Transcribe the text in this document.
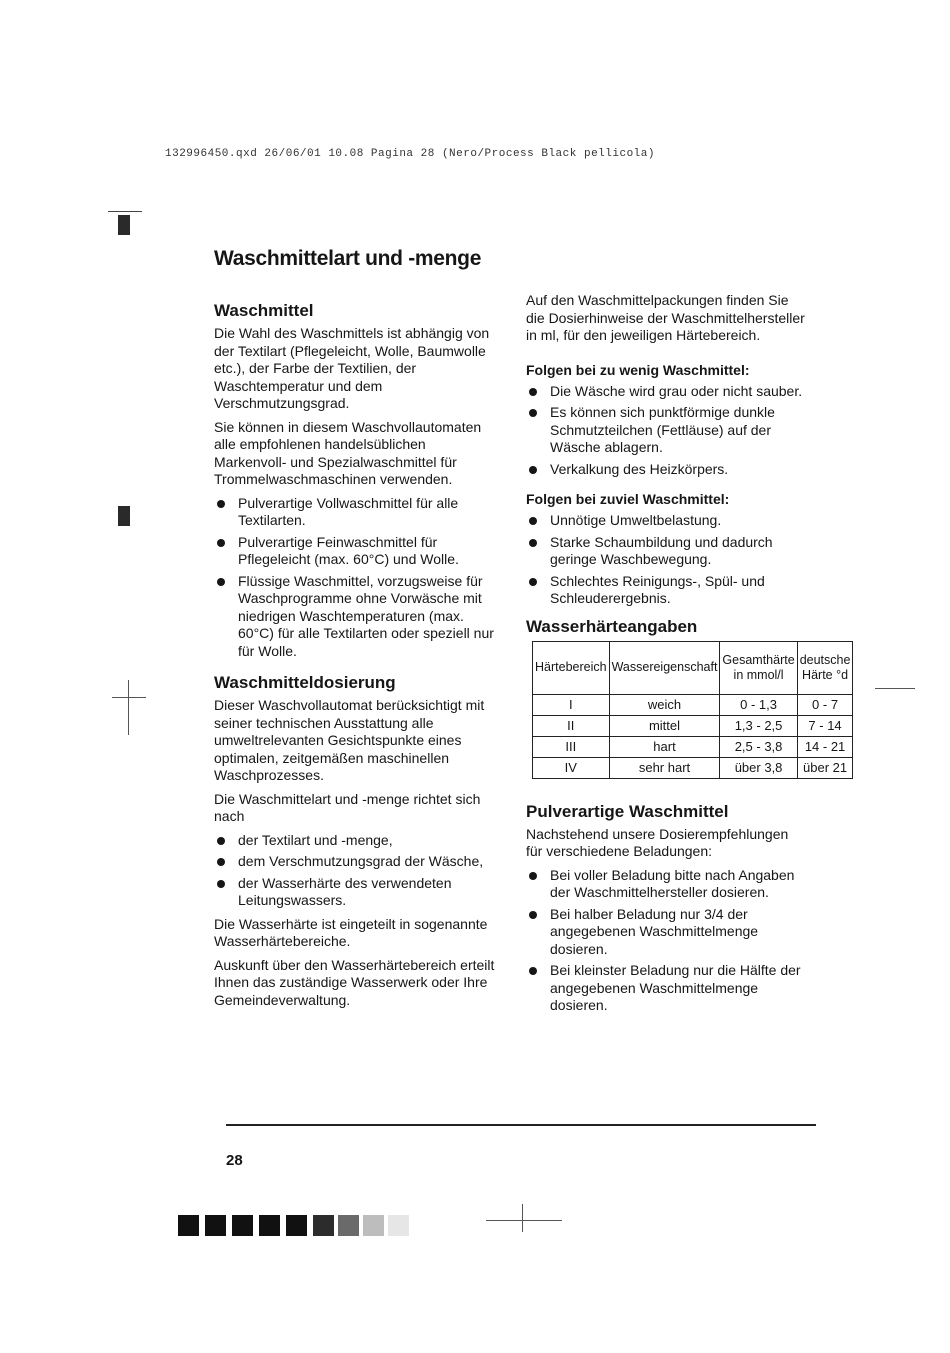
132996450.qxd 26/06/01 10.08 Pagina 28 (Nero/Process Black pellicola)
Waschmittelart und -menge
Waschmittel

Die Wahl des Waschmittels ist abhängig von der Textilart (Pflegeleicht, Wolle, Baumwolle etc.), der Farbe der Textilien, der Waschtemperatur und dem Verschmutzungsgrad.

Sie können in diesem Waschvollautomaten alle empfohlenen handelsüblichen Markenvoll- und Spezialwaschmittel für Trommelwaschmaschinen verwenden.

Pulverartige Vollwaschmittel für alle Textilarten.
Pulverartige Feinwaschmittel für Pflegeleicht (max. 60°C) und Wolle.
Flüssige Waschmittel, vorzugsweise für Waschprogramme ohne Vorwäsche mit niedrigen Waschtemperaturen (max. 60°C) für alle Textilarten oder speziell nur für Wolle.
Waschmitteldosierung

Dieser Waschvollautomat berücksichtigt mit seiner technischen Ausstattung alle umweltrelevanten Gesichtspunkte eines optimalen, zeitgemäßen maschinellen Waschprozesses.

Die Waschmittelart und -menge richtet sich nach

der Textilart und -menge,
dem Verschmutzungsgrad der Wäsche,
der Wasserhärte des verwendeten Leitungswassers.

Die Wasserhärte ist eingeteilt in sogenannte Wasserhärtebereiche.

Auskunft über den Wasserhärtebereich erteilt Ihnen das zuständige Wasserwerk oder Ihre Gemeindeverwaltung.

Auf den Waschmittelpackungen finden Sie die Dosierhinweise der Waschmittelhersteller in ml, für den jeweiligen Härtebereich.

Folgen bei zu wenig Waschmittel:
Die Wäsche wird grau oder nicht sauber.
Es können sich punktförmige dunkle Schmutzteilchen (Fettläuse) auf der Wäsche ablagern.
Verkalkung des Heizkörpers.
Folgen bei zuviel Waschmittel:
Unnötige Umweltbelastung.
Starke Schaumbildung und dadurch geringe Waschbewegung.
Schlechtes Reinigungs-, Spül- und Schleuderergebnis.
Wasserhärteangaben
Härtebereich	Wassereigenschaft	Gesamthärte in mmol/l	deutsche Härte °d
I	weich	0 - 1,3	0 - 7
II	mittel	1,3 - 2,5	7 - 14
III	hart	2,5 - 3,8	14 - 21
IV	sehr hart	über 3,8	über 21
Pulverartige Waschmittel

Nachstehend unsere Dosierempfehlungen für verschiedene Beladungen:

Bei voller Beladung bitte nach Angaben der Waschmittelhersteller dosieren.
Bei halber Beladung nur 3/4 der angegebenen Waschmittelmenge dosieren.
Bei kleinster Beladung nur die Hälfte der angegebenen Waschmittelmenge dosieren.
28
